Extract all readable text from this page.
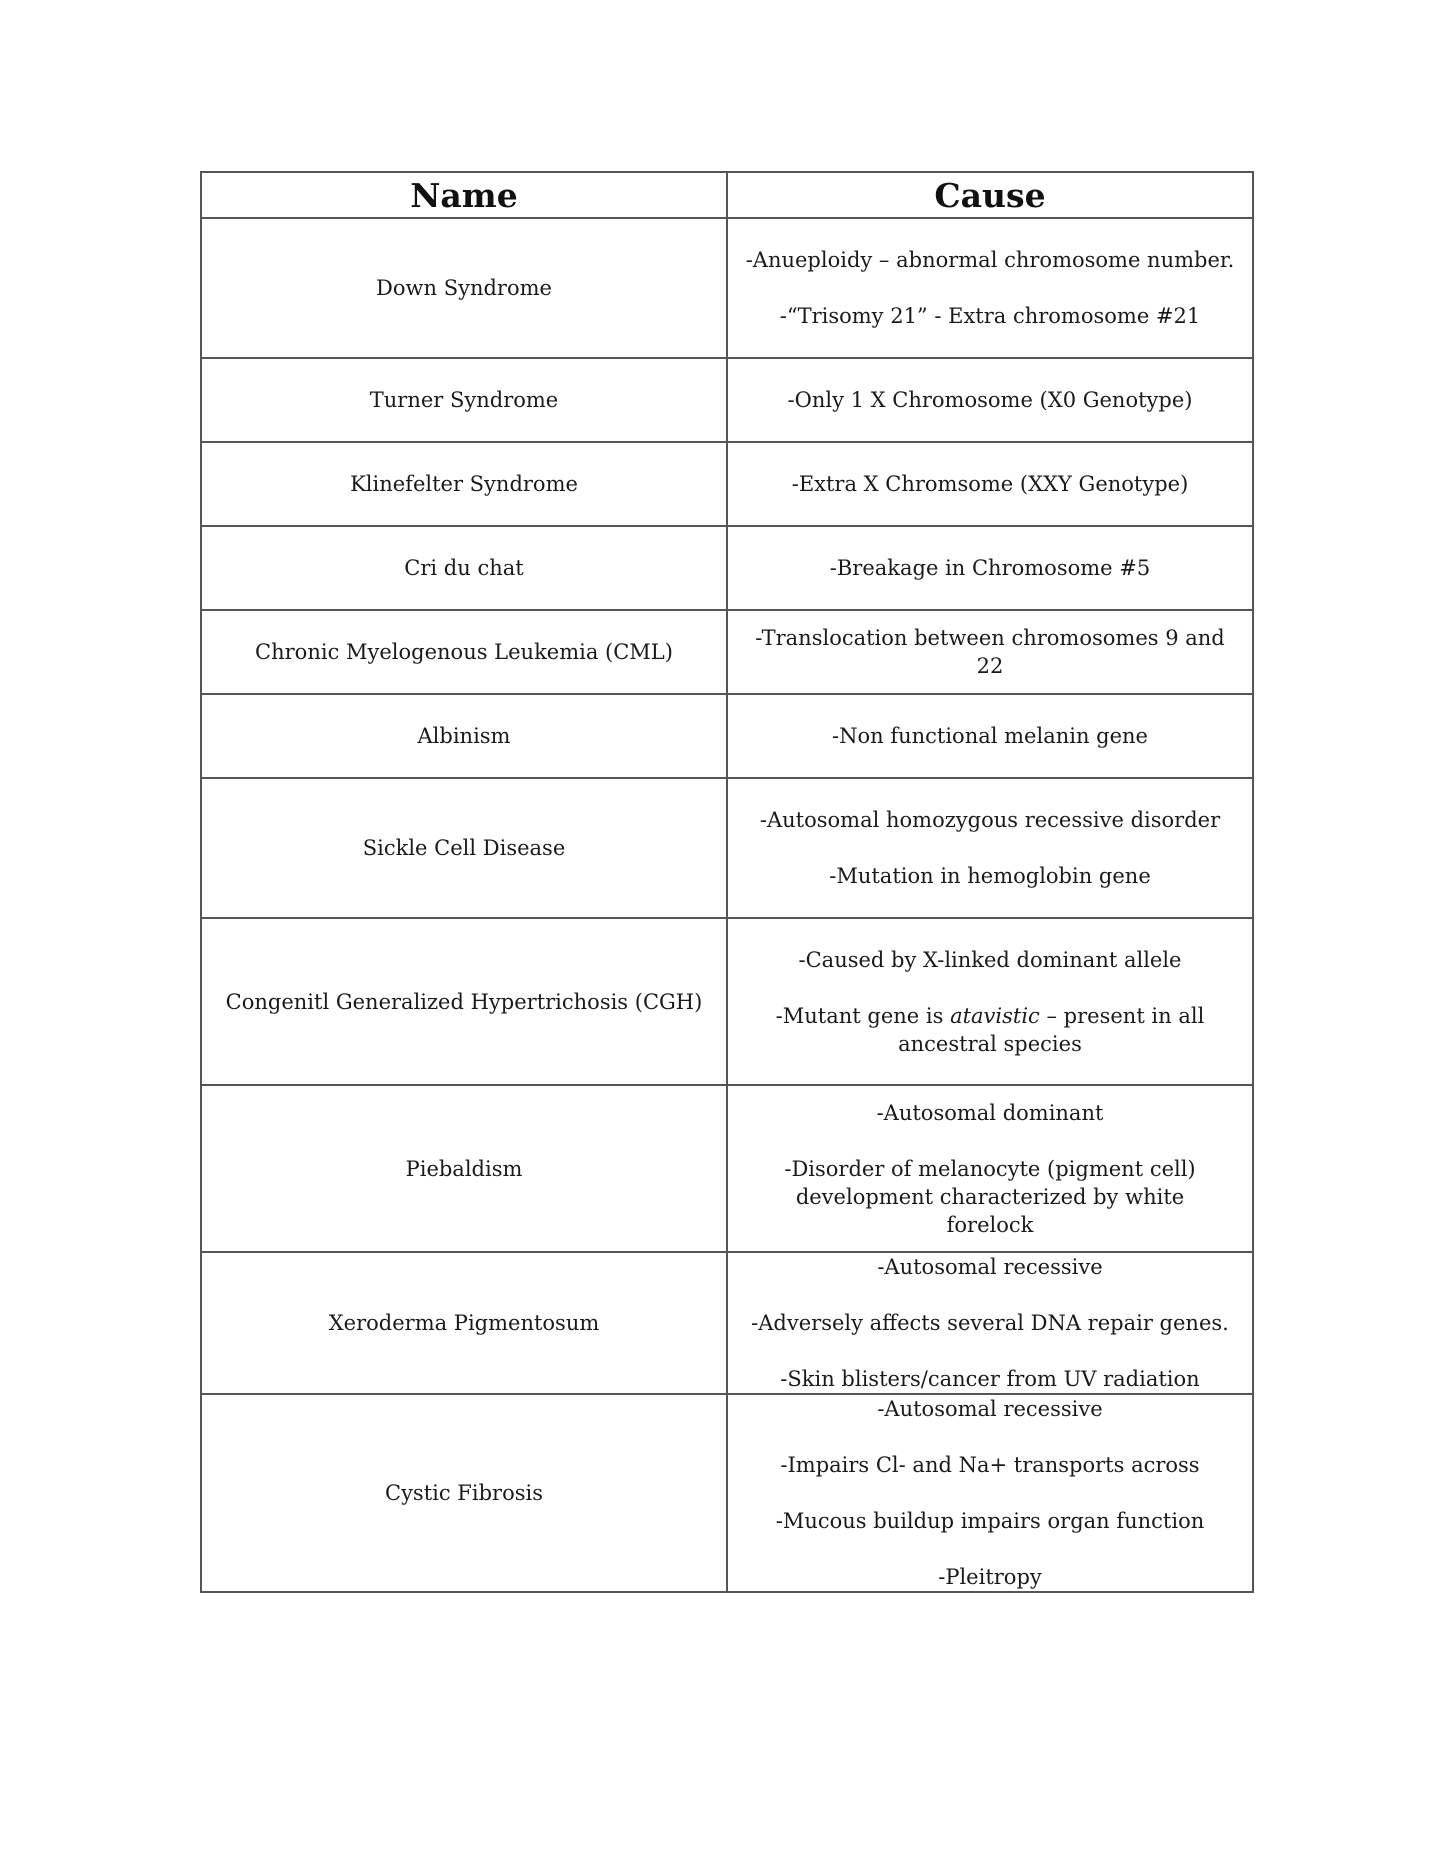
Name	Cause
Down Syndrome	-Anueploidy – abnormal chromosome number.

-“Trisomy 21” - Extra chromosome #21

Turner Syndrome	-Only 1 X Chromosome (X0 Genotype)

Klinefelter Syndrome	-Extra X Chromsome (XXY Genotype)

Cri du chat	-Breakage in Chromosome #5

Chronic Myelogenous Leukemia (CML)	-Translocation between chromosomes 9 and 22

Albinism	-Non functional melanin gene

Sickle Cell Disease	-Autosomal homozygous recessive disorder

-Mutation in hemoglobin gene

Congenitl Generalized Hypertrichosis (CGH)	-Caused by X-linked dominant allele

-Mutant gene is atavistic – present in all ancestral species

Piebaldism	-Autosomal dominant

-Disorder of melanocyte (pigment cell) development characterized by white forelock

Xeroderma Pigmentosum	-Autosomal recessive

-Adversely affects several DNA repair genes.

-Skin blisters/cancer from UV radiation

Cystic Fibrosis	-Autosomal recessive

-Impairs Cl- and Na+ transports across

-Mucous buildup impairs organ function

-Pleitropy
